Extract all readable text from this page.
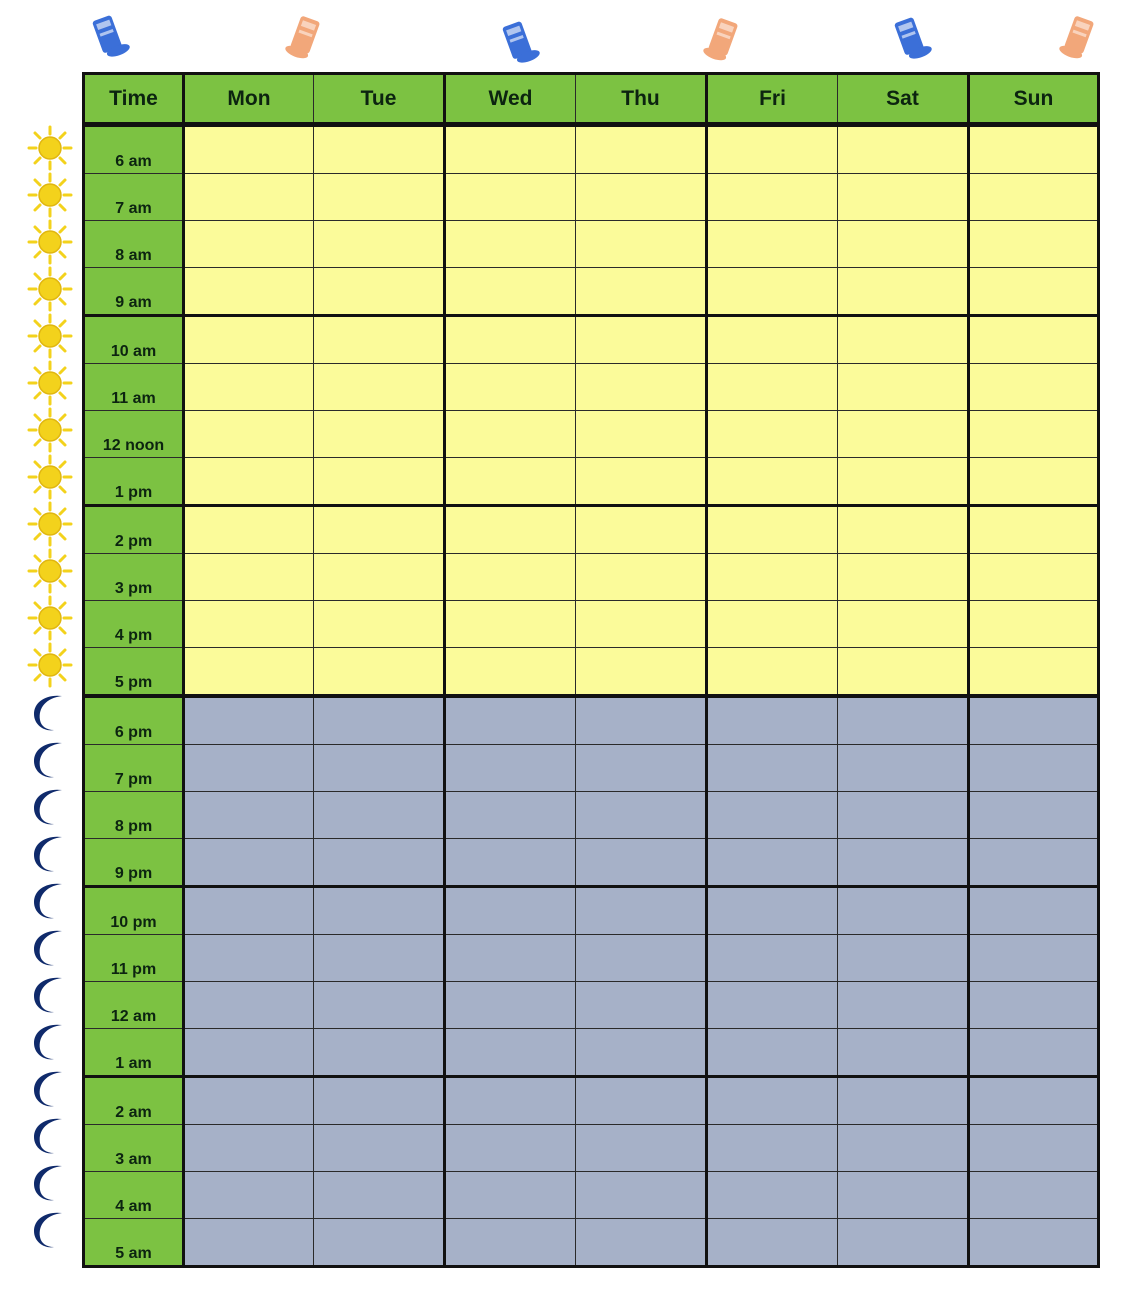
Time	Mon	Tue	Wed	Thu	Fri	Sat	Sun
6 am							
7 am							
8 am							
9 am							
10 am							
11 am							
12 noon							
1 pm							
2 pm							
3 pm							
4 pm							
5 pm							
6 pm							
7 pm							
8 pm							
9 pm							
10 pm							
11 pm							
12 am							
1 am							
2 am							
3 am							
4 am							
5 am							
